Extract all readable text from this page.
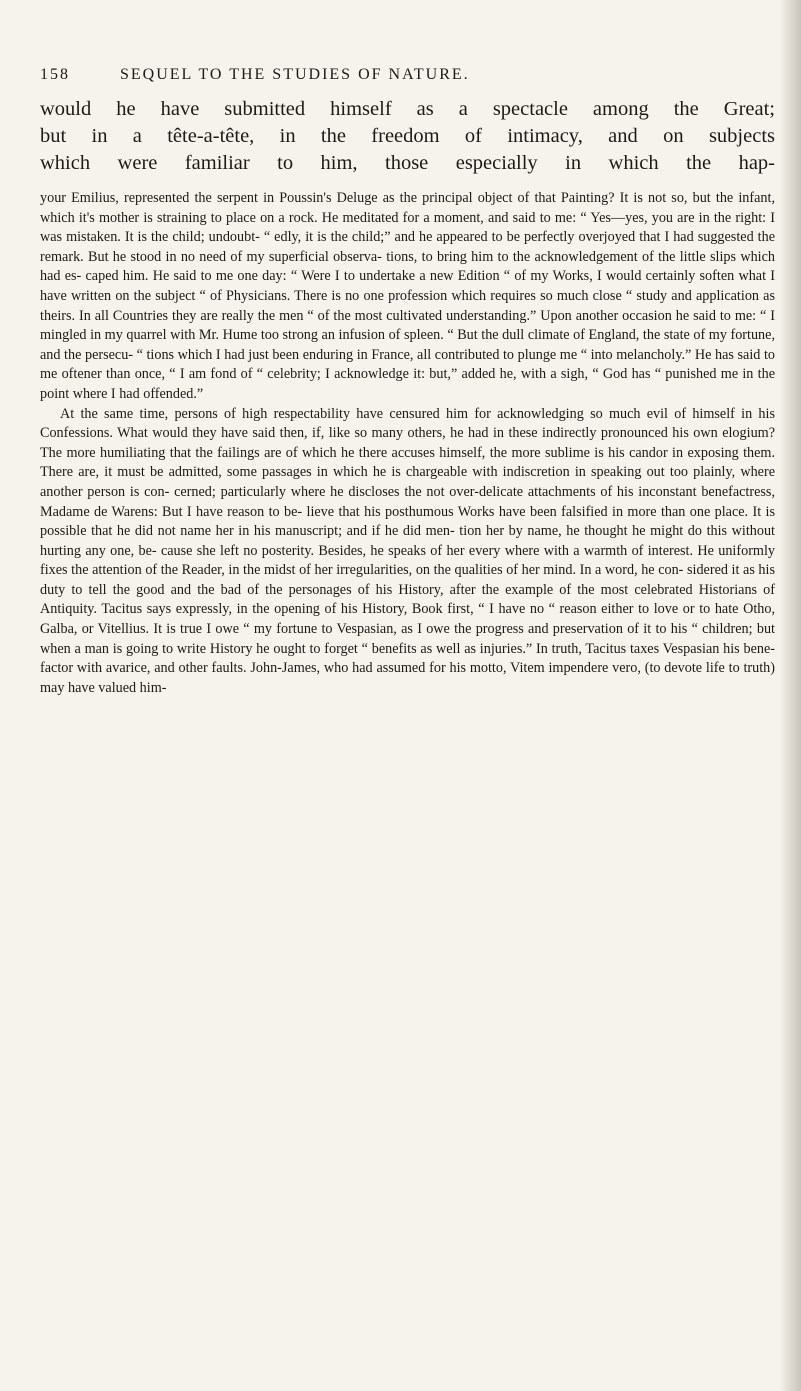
158	SEQUEL TO THE STUDIES OF NATURE.

would he have submitted himself as a spectacle among the Great;

but in a tête-a-tête, in the freedom of intimacy, and on subjects

which were familiar to him, those especially in which the hap-

your Emilius, represented the serpent in Poussin's Deluge as the principal object of that Painting? It is not so, but the infant, which it's mother is straining to place on a rock. He meditated for a moment, and said to me: “ Yes—yes, you are in the right: I was mistaken. It is the child; undoubt- “ edly, it is the child;” and he appeared to be perfectly overjoyed that I had suggested the remark. But he stood in no need of my superficial observa- tions, to bring him to the acknowledgement of the little slips which had es- caped him. He said to me one day: “ Were I to undertake a new Edition “ of my Works, I would certainly soften what I have written on the subject “ of Physicians. There is no one profession which requires so much close “ study and application as theirs. In all Countries they are really the men “ of the most cultivated understanding.” Upon another occasion he said to me: “ I mingled in my quarrel with Mr. Hume too strong an infusion of spleen. “ But the dull climate of England, the state of my fortune, and the persecu- “ tions which I had just been enduring in France, all contributed to plunge me “ into melancholy.” He has said to me oftener than once, “ I am fond of “ celebrity; I acknowledge it: but,” added he, with a sigh, “ God has “ punished me in the point where I had offended.”

At the same time, persons of high respectability have censured him for acknowledging so much evil of himself in his Confessions. What would they have said then, if, like so many others, he had in these indirectly pronounced his own elogium? The more humiliating that the failings are of which he there accuses himself, the more sublime is his candor in exposing them. There are, it must be admitted, some passages in which he is chargeable with indiscretion in speaking out too plainly, where another person is con- cerned; particularly where he discloses the not over-delicate attachments of his inconstant benefactress, Madame de Warens: But I have reason to be- lieve that his posthumous Works have been falsified in more than one place. It is possible that he did not name her in his manuscript; and if he did men- tion her by name, he thought he might do this without hurting any one, be- cause she left no posterity. Besides, he speaks of her every where with a warmth of interest. He uniformly fixes the attention of the Reader, in the midst of her irregularities, on the qualities of her mind. In a word, he con- sidered it as his duty to tell the good and the bad of the personages of his History, after the example of the most celebrated Historians of Antiquity. Tacitus says expressly, in the opening of his History, Book first, “ I have no “ reason either to love or to hate Otho, Galba, or Vitellius. It is true I owe “ my fortune to Vespasian, as I owe the progress and preservation of it to his “ children; but when a man is going to write History he ought to forget “ benefits as well as injuries.” In truth, Tacitus taxes Vespasian his bene- factor with avarice, and other faults. John-James, who had assumed for his motto, Vitem impendere vero, (to devote life to truth) may have valued him-
